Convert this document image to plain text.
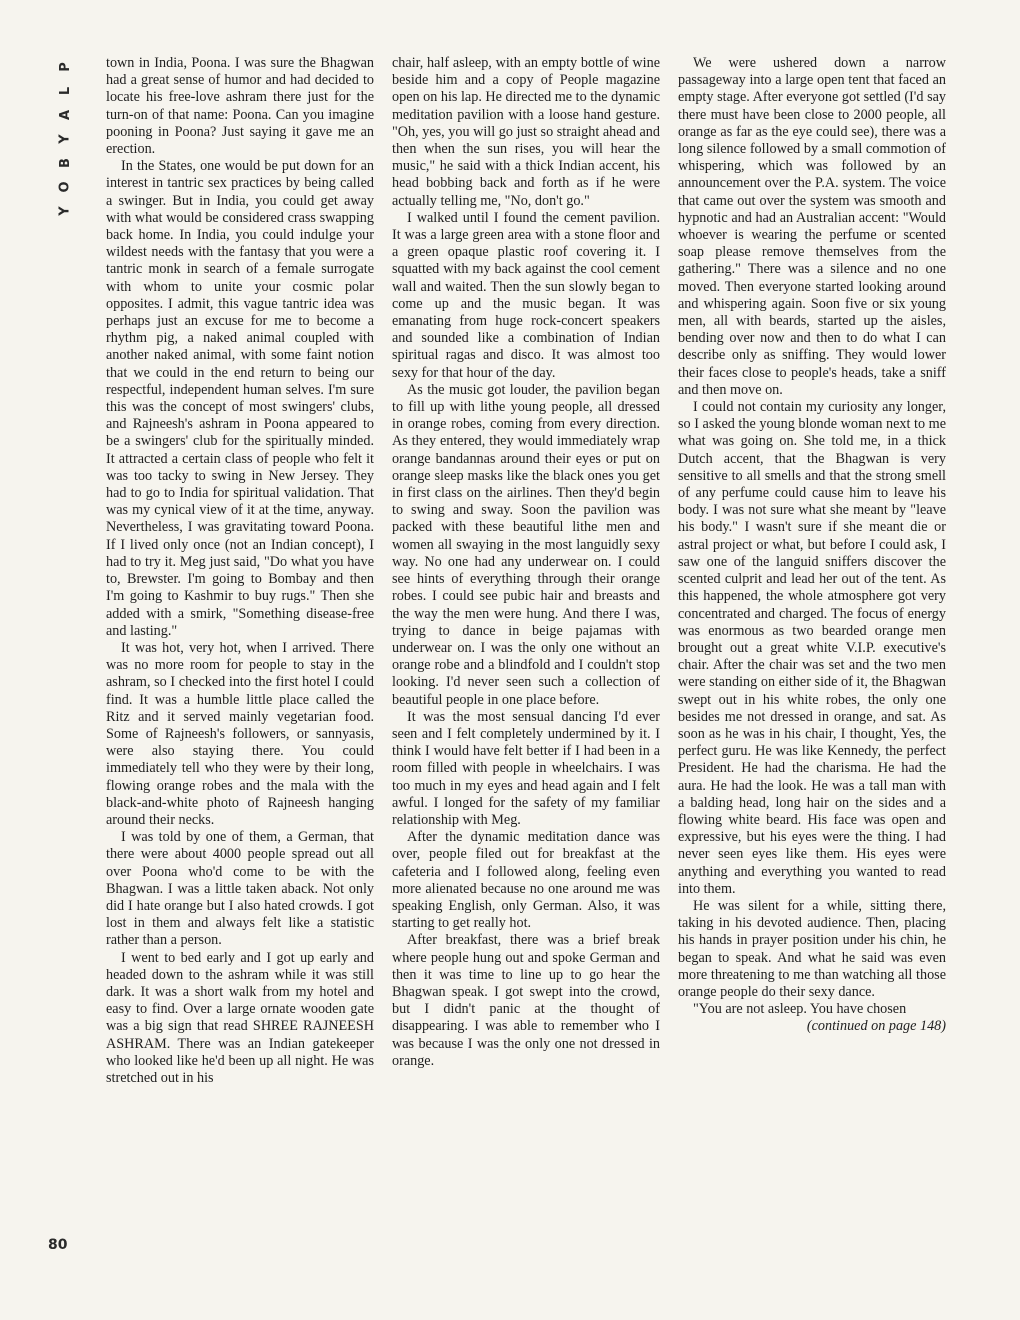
P
L
A
Y
B
O
Y
80

town in India, Poona. I was sure the Bhagwan had a great sense of humor and had decided to locate his free-love ashram there just for the turn-on of that name: Poona. Can you imagine pooning in Poona? Just saying it gave me an erection.

In the States, one would be put down for an interest in tantric sex practices by being called a swinger. But in India, you could get away with what would be considered crass swapping back home. In India, you could indulge your wildest needs with the fantasy that you were a tantric monk in search of a female surrogate with whom to unite your cosmic polar opposites. I admit, this vague tantric idea was perhaps just an excuse for me to become a rhythm pig, a naked animal coupled with another naked animal, with some faint notion that we could in the end return to being our respectful, independent human selves. I'm sure this was the concept of most swingers' clubs, and Rajneesh's ashram in Poona appeared to be a swingers' club for the spiritually minded. It attracted a certain class of people who felt it was too tacky to swing in New Jersey. They had to go to India for spiritual validation. That was my cynical view of it at the time, anyway. Nevertheless, I was gravitating toward Poona. If I lived only once (not an Indian concept), I had to try it. Meg just said, "Do what you have to, Brewster. I'm going to Bombay and then I'm going to Kashmir to buy rugs." Then she added with a smirk, "Something disease-free and lasting."

It was hot, very hot, when I arrived. There was no more room for people to stay in the ashram, so I checked into the first hotel I could find. It was a humble little place called the Ritz and it served mainly vegetarian food. Some of Rajneesh's followers, or sannyasis, were also staying there. You could immediately tell who they were by their long, flowing orange robes and the mala with the black-and-white photo of Rajneesh hanging around their necks.

I was told by one of them, a German, that there were about 4000 people spread out all over Poona who'd come to be with the Bhagwan. I was a little taken aback. Not only did I hate orange but I also hated crowds. I got lost in them and always felt like a statistic rather than a person.

I went to bed early and I got up early and headed down to the ashram while it was still dark. It was a short walk from my hotel and easy to find. Over a large ornate wooden gate was a big sign that read SHREE RAJNEESH ASHRAM. There was an Indian gatekeeper who looked like he'd been up all night. He was stretched out in his

chair, half asleep, with an empty bottle of wine beside him and a copy of People magazine open on his lap. He directed me to the dynamic meditation pavilion with a loose hand gesture. "Oh, yes, you will go just so straight ahead and then when the sun rises, you will hear the music," he said with a thick Indian accent, his head bobbing back and forth as if he were actually telling me, "No, don't go."

I walked until I found the cement pavilion. It was a large green area with a stone floor and a green opaque plastic roof covering it. I squatted with my back against the cool cement wall and waited. Then the sun slowly began to come up and the music began. It was emanating from huge rock-concert speakers and sounded like a combination of Indian spiritual ragas and disco. It was almost too sexy for that hour of the day.

As the music got louder, the pavilion began to fill up with lithe young people, all dressed in orange robes, coming from every direction. As they entered, they would immediately wrap orange bandannas around their eyes or put on orange sleep masks like the black ones you get in first class on the airlines. Then they'd begin to swing and sway. Soon the pavilion was packed with these beautiful lithe men and women all swaying in the most languidly sexy way. No one had any underwear on. I could see hints of everything through their orange robes. I could see pubic hair and breasts and the way the men were hung. And there I was, trying to dance in beige pajamas with underwear on. I was the only one without an orange robe and a blindfold and I couldn't stop looking. I'd never seen such a collection of beautiful people in one place before.

It was the most sensual dancing I'd ever seen and I felt completely undermined by it. I think I would have felt better if I had been in a room filled with people in wheelchairs. I was too much in my eyes and head again and I felt awful. I longed for the safety of my familiar relationship with Meg.

After the dynamic meditation dance was over, people filed out for breakfast at the cafeteria and I followed along, feeling even more alienated because no one around me was speaking English, only German. Also, it was starting to get really hot.

After breakfast, there was a brief break where people hung out and spoke German and then it was time to line up to go hear the Bhagwan speak. I got swept into the crowd, but I didn't panic at the thought of disappearing. I was able to remember who I was because I was the only one not dressed in orange.

We were ushered down a narrow passageway into a large open tent that faced an empty stage. After everyone got settled (I'd say there must have been close to 2000 people, all orange as far as the eye could see), there was a long silence followed by a small commotion of whispering, which was followed by an announcement over the P.A. system. The voice that came out over the system was smooth and hypnotic and had an Australian accent: "Would whoever is wearing the perfume or scented soap please remove themselves from the gathering." There was a silence and no one moved. Then everyone started looking around and whispering again. Soon five or six young men, all with beards, started up the aisles, bending over now and then to do what I can describe only as sniffing. They would lower their faces close to people's heads, take a sniff and then move on.

I could not contain my curiosity any longer, so I asked the young blonde woman next to me what was going on. She told me, in a thick Dutch accent, that the Bhagwan is very sensitive to all smells and that the strong smell of any perfume could cause him to leave his body. I was not sure what she meant by "leave his body." I wasn't sure if she meant die or astral project or what, but before I could ask, I saw one of the languid sniffers discover the scented culprit and lead her out of the tent. As this happened, the whole atmosphere got very concentrated and charged. The focus of energy was enormous as two bearded orange men brought out a great white V.I.P. executive's chair. After the chair was set and the two men were standing on either side of it, the Bhagwan swept out in his white robes, the only one besides me not dressed in orange, and sat. As soon as he was in his chair, I thought, Yes, the perfect guru. He was like Kennedy, the perfect President. He had the charisma. He had the aura. He had the look. He was a tall man with a balding head, long hair on the sides and a flowing white beard. His face was open and expressive, but his eyes were the thing. I had never seen eyes like them. His eyes were anything and everything you wanted to read into them.

He was silent for a while, sitting there, taking in his devoted audience. Then, placing his hands in prayer position under his chin, he began to speak. And what he said was even more threatening to me than watching all those orange people do their sexy dance.

"You are not asleep. You have chosen

(continued on page 148)
